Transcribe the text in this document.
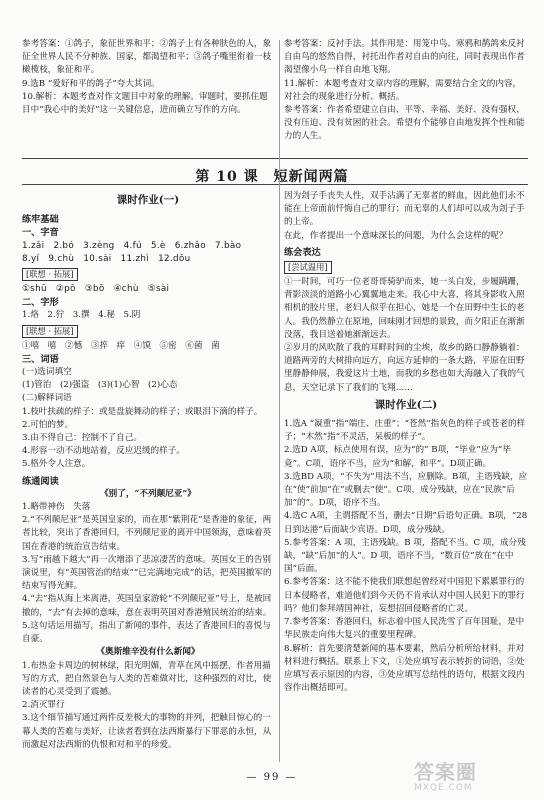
参考答案：①鸽子，象征世界和平；②鸽子上有各种肤色的人，象征全世界人民不分种族、国家，都渴望和平；③鸽子嘴里衔着一枝橄榄枝，象征和平。

9.选B “爱好和平的鸽子”夸大其词。

10.解析：本题考查对作文题目中对象的理解。审题时，要抓住题目中“我心中的美好”这一关键信息，进而确立写作的方向。

参考答案：反衬手法。其作用是：用笼中鸟、寒鸦和鹊鸽来反衬自由鸟的悠然自得，衬托出作者对自由的向往，同时表现出作者渴望像小鸟一样自由地飞翔。

11.解析：本题考查对文章内容的理解，需要结合全文的内容，对社会的现象进行分析、概括。

参考答案：作者希望建立自由、平等、幸福、美好、没有强权、没有压迫、没有贫困的社会。希望有个能够自由地发挥个性和能力的人生。

第 10 课　短新闻两篇
课时作业(一)
练牢基础

一、字音

1.zǎi　2.bó　3.zèng　4.fú　5.è　6.zhǎo　7.bào

8.yí　9.chù　10.sài　11.zhì　12.dǒu

[联想 · 拓展]

①shū　②pō　③bō　④chù　⑤sài

二、字形

1.烙　2.狞　3.撰　4.秘　5.阴

[联想 · 拓展]

①嘻　嘻　②憾　③捽　痒　④馍　⑤密　⑥菌　菌

三、词语

(一)选词填空

(1)管治　(2)强盗　(3)(1)心智　(2)心态

(二)解释词语

1.枝叶扶疏的样子：或是盘旋舞动的样子；或眼泪下滴的样子。

2.可怕的梦。

3.由不得自己：控制不了自己。

4.形容一动不动地站着，反应迟缓的样子。

5.格外令人注意。

练通阅读

《别了，“不列颠尼亚”》

1.略带神伤　失落

2.“不列颠尼亚”是英国皇家的，而在那“紫荆花”是香港的象征，两者比较，突出了香港回归，不列颠尼亚的离开中国领海，意味着英国在香港的统治宣告结束。

3.写“雨越下越大”再一次增添了悲凉凄苦的意味。英国女王的告别演说里，有“英国管治的结束”“已完满地完成”的话，把英国撤军的结束写得光鲜。

4.“去”指从海上来离港，英国皇家游轮“不列颠尼亚”号上，是被回撤的，“去”有去掉的意味，意在表明英国对香港殖民统治的结束。

5.这句话运用描写，指出了新闻的事件，表达了香港回归的喜悦与自豪。

《奥斯维辛没有什么新闻》

1.布热金卡周边的树林绿，阳光明媚，青草在风中摇摆，作者用描写的方式，把自然景色与人类的苦难做对比，这种强烈的对比，使读者的心灵受到了震撼。

2.消灭罪行

3.这个细节描写通过两件反差极大的事物的并列，把触目惊心的一幕人类的苦难与美好，让读者看到在法西斯暴行下罪恶的永恒，从而激起对法西斯的仇恨和对和平的珍爱。

因为刽子手丧失人性，双手沾满了无辜者的鲜血，因此他们永不能在上帝面前忏悔自己的罪行；而无辜的人们却可以成为刽子手的上帝。

在此，作者提出一个意味深长的问题，为什么会这样的呢？

练会表达
[尝试温用]

①一时间，可巧一位老哥哥骑驴而来，她一头白发，步履蹒跚，背影淡淡的道路小心翼翼地走来。我心中大喜，将其身影收入照相机的胶片里，老妇人似乎在担心，她是一个在田野中生长的老人。我仍然静立在原地，回味刚才回想的景致，而夕阳正在渐渐没落，我目送着她渐渐远去。

②岁月的风吹散了我的耳畔时间的尘埃，故乡的路口静静躺着：道路两旁的大树排向远方，向远方延伸的一条大路，平原在田野里静静伸展，我爱这片土地，而我的乡愁也如大海融入了我的气息，天空记录下了我们的飞翔……

课时作业(二)

1.选A “凝重”指“端庄、庄重”；“苍然”指灰色的样子或苍老的样子；“木然”指“不灵活，呆板的样子”。

2.选D A项，标点使用有误，应为“的” B项，“毕业”应为“毕竟”。C项，语序不当，应为“和解，和平”。D项正确。

3.选BD A项，“不失为”用法不当，应删除。B项，主语残缺，应在“使”前加“在”或删去“使”。C项，成分残缺，应在“民族”后加“的”。D项，语序不当。

4.选C A项，主谓搭配不当，删去“日期”后语句正确。B项，“28 日到达港”后面缺少宾语。D项，成分残缺。

5.参考答案：A 项，主语残缺。B 项，搭配不当。C 项，成分残缺，“缺”后加“的人”。D 项，语序不当，“数百位”放在“在中国”后面。

6.参考答案：这不能不使我们联想起曾经对中国犯下累累罪行的日本侵略者，难道他们到今天仍不肯承认对中国人民犯下的罪行吗？他们参拜靖国神社，妄想招回侵略者的亡灵。

7.参考答案：香港回归，标志着中国人民洗雪了百年国耻，是中华民族走向伟大复兴的重要里程碑。

8.解析：首先要清楚新闻的基本要素，然后分析所给材料，并对材料进行概括。联系上下文，①处应填写表示转折的词语，②处应填写表示原因的内容，③处应填写总结性的语句，根据文段内容作出概括即可。

— 99 —	答案圈
MXQE.COM
